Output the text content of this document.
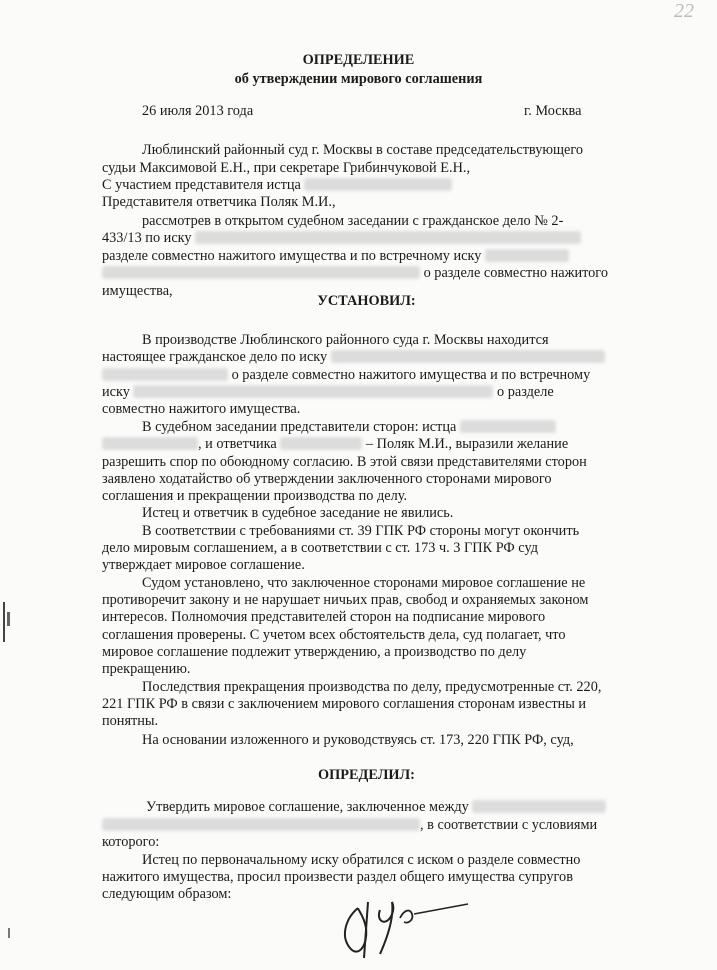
22
ОПРЕДЕЛЕНИЕ
об утверждении мирового соглашения
26 июля 2013 года	г. Москва
Люблинский районный суд г. Москвы в составе председательствующего
судьи Максимовой Е.Н., при секретаре Грибинчуковой Е.Н.,
С участием представителя истца
Представителя ответчика Поляк М.И.,
рассмотрев в открытом судебном заседании с гражданское дело № 2-
433/13 по иску
разделе совместно нажитого имущества и по встречному иску
о разделе совместно нажитого
имущества,
УСТАНОВИЛ:
В производстве Люблинского районного суда г. Москвы находится
настоящее гражданское дело по иску
о разделе совместно нажитого имущества и по встречному
иску	о разделе
совместно нажитого имущества.
В судебном заседании представители сторон: истца
, и ответчика	– Поляк М.И., выразили желание
разрешить спор по обоюдному согласию. В этой связи представителями сторон
заявлено ходатайство об утверждении заключенного сторонами мирового
соглашения и прекращении производства по делу.
Истец и ответчик в судебное заседание не явились.
В соответствии с требованиями ст. 39 ГПК РФ стороны могут окончить
дело мировым соглашением, а в соответствии с ст. 173 ч. 3 ГПК РФ суд
утверждает мировое соглашение.
Судом установлено, что заключенное сторонами мировое соглашение не
противоречит закону и не нарушает ничьих прав, свобод и охраняемых законом
интересов. Полномочия представителей сторон на подписание мирового
соглашения проверены. С учетом всех обстоятельств дела, суд полагает, что
мировое соглашение подлежит утверждению, а производство по делу
прекращению.
Последствия прекращения производства по делу, предусмотренные ст. 220,
221 ГПК РФ в связи с заключением мирового соглашения сторонам известны и
понятны.
На основании изложенного и руководствуясь ст. 173, 220 ГПК РФ, суд,
ОПРЕДЕЛИЛ:
Утвердить мировое соглашение, заключенное между
, в соответствии с условиями
которого:
Истец по первоначальному иску обратился с иском о разделе совместно
нажитого имущества, просил произвести раздел общего имущества супругов
следующим образом:
